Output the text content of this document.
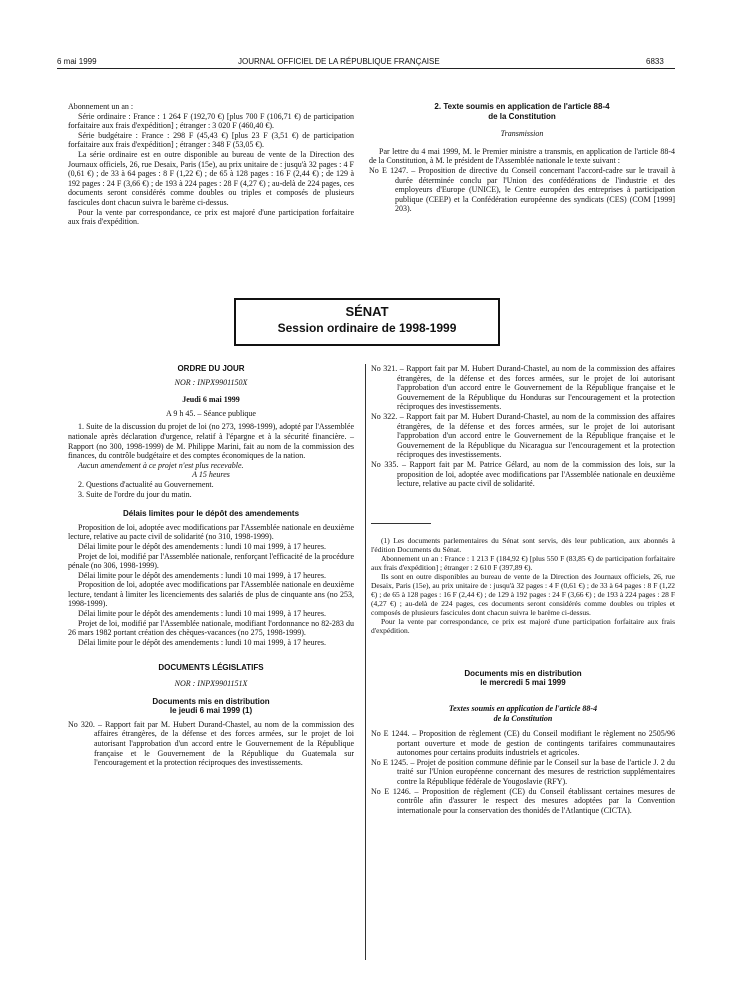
6 mai 1999	JOURNAL OFFICIEL DE LA RÉPUBLIQUE FRANÇAISE	6833

Abonnement un an :

Série ordinaire : France : 1 264 F (192,70 €) [plus 700 F (106,71 €) de participation forfaitaire aux frais d'expédition] ; étranger : 3 020 F (460,40 €).

Série budgétaire : France : 298 F (45,43 €) [plus 23 F (3,51 €) de participation forfaitaire aux frais d'expédition] ; étranger : 348 F (53,05 €).

La série ordinaire est en outre disponible au bureau de vente de la Direction des Journaux officiels, 26, rue Desaix, Paris (15e), au prix unitaire de : jusqu'à 32 pages : 4 F (0,61 €) ; de 33 à 64 pages : 8 F (1,22 €) ; de 65 à 128 pages : 16 F (2,44 €) ; de 129 à 192 pages : 24 F (3,66 €) ; de 193 à 224 pages : 28 F (4,27 €) ; au-delà de 224 pages, ces documents seront considérés comme doubles ou triples et composés de plusieurs fascicules dont chacun suivra le barème ci-dessus.

Pour la vente par correspondance, ce prix est majoré d'une participation forfaitaire aux frais d'expédition.

2. Texte soumis en application de l'article 88-4

de la Constitution

Transmission

Par lettre du 4 mai 1999, M. le Premier ministre a transmis, en application de l'article 88-4 de la Constitution, à M. le président de l'Assemblée nationale le texte suivant :

No E 1247. – Proposition de directive du Conseil concernant l'accord-cadre sur le travail à durée déterminée conclu par l'Union des confédérations de l'industrie et des employeurs d'Europe (UNICE), le Centre européen des entreprises à participation publique (CEEP) et la Confédération européenne des syndicats (CES) (COM [1999] 203).

SÉNAT
Session ordinaire de 1998-1999

ORDRE DU JOUR

NOR : INPX9901150X

Jeudi 6 mai 1999

A 9 h 45. – Séance publique

1. Suite de la discussion du projet de loi (no 273, 1998-1999), adopté par l'Assemblée nationale après déclaration d'urgence, relatif à l'épargne et à la sécurité financière. – Rapport (no 300, 1998-1999) de M. Philippe Marini, fait au nom de la commission des finances, du contrôle budgétaire et des comptes économiques de la nation.

Aucun amendement à ce projet n'est plus recevable.

A 15 heures

2. Questions d'actualité au Gouvernement.

3. Suite de l'ordre du jour du matin.

Délais limites pour le dépôt des amendements

Proposition de loi, adoptée avec modifications par l'Assemblée nationale en deuxième lecture, relative au pacte civil de solidarité (no 310, 1998-1999).

Délai limite pour le dépôt des amendements : lundi 10 mai 1999, à 17 heures.

Projet de loi, modifié par l'Assemblée nationale, renforçant l'efficacité de la procédure pénale (no 306, 1998-1999).

Délai limite pour le dépôt des amendements : lundi 10 mai 1999, à 17 heures.

Proposition de loi, adoptée avec modifications par l'Assemblée nationale en deuxième lecture, tendant à limiter les licenciements des salariés de plus de cinquante ans (no 253, 1998-1999).

Délai limite pour le dépôt des amendements : lundi 10 mai 1999, à 17 heures.

Projet de loi, modifié par l'Assemblée nationale, modifiant l'ordonnance no 82-283 du 26 mars 1982 portant création des chèques-vacances (no 275, 1998-1999).

Délai limite pour le dépôt des amendements : lundi 10 mai 1999, à 17 heures.

DOCUMENTS LÉGISLATIFS

NOR : INPX9901151X

Documents mis en distribution

le jeudi 6 mai 1999 (1)

No 320. – Rapport fait par M. Hubert Durand-Chastel, au nom de la commission des affaires étrangères, de la défense et des forces armées, sur le projet de loi autorisant l'approbation d'un accord entre le Gouvernement de la République française et le Gouvernement de la République du Guatemala sur l'encouragement et la protection réciproques des investissements.

No 321. – Rapport fait par M. Hubert Durand-Chastel, au nom de la commission des affaires étrangères, de la défense et des forces armées, sur le projet de loi autorisant l'approbation d'un accord entre le Gouvernement de la République française et le Gouvernement de la République du Honduras sur l'encouragement et la protection réciproques des investissements.

No 322. – Rapport fait par M. Hubert Durand-Chastel, au nom de la commission des affaires étrangères, de la défense et des forces armées, sur le projet de loi autorisant l'approbation d'un accord entre le Gouvernement de la République française et le Gouvernement de la République du Nicaragua sur l'encouragement et la protection réciproques des investissements.

No 335. – Rapport fait par M. Patrice Gélard, au nom de la commission des lois, sur la proposition de loi, adoptée avec modifications par l'Assemblée nationale en deuxième lecture, relative au pacte civil de solidarité.

(1) Les documents parlementaires du Sénat sont servis, dès leur publication, aux abonnés à l'édition Documents du Sénat.

Abonnement un an : France : 1 213 F (184,92 €) [plus 550 F (83,85 €) de participation forfaitaire aux frais d'expédition] ; étranger : 2 610 F (397,89 €).

Ils sont en outre disponibles au bureau de vente de la Direction des Journaux officiels, 26, rue Desaix, Paris (15e), au prix unitaire de : jusqu'à 32 pages : 4 F (0,61 €) ; de 33 à 64 pages : 8 F (1,22 €) ; de 65 à 128 pages : 16 F (2,44 €) ; de 129 à 192 pages : 24 F (3,66 €) ; de 193 à 224 pages : 28 F (4,27 €) ; au-delà de 224 pages, ces documents seront considérés comme doubles ou triples et composés de plusieurs fascicules dont chacun suivra le barème ci-dessus.

Pour la vente par correspondance, ce prix est majoré d'une participation forfaitaire aux frais d'expédition.

Documents mis en distribution

le mercredi 5 mai 1999

Textes soumis en application de l'article 88-4

de la Constitution

No E 1244. – Proposition de règlement (CE) du Conseil modifiant le règlement no 2505/96 portant ouverture et mode de gestion de contingents tarifaires communautaires autonomes pour certains produits industriels et agricoles.

No E 1245. – Projet de position commune définie par le Conseil sur la base de l'article J. 2 du traité sur l'Union européenne concernant des mesures de restriction supplémentaires contre la République fédérale de Yougoslavie (RFY).

No E 1246. – Proposition de règlement (CE) du Conseil établissant certaines mesures de contrôle afin d'assurer le respect des mesures adoptées par la Convention internationale pour la conservation des thonidés de l'Atlantique (CICTA).
